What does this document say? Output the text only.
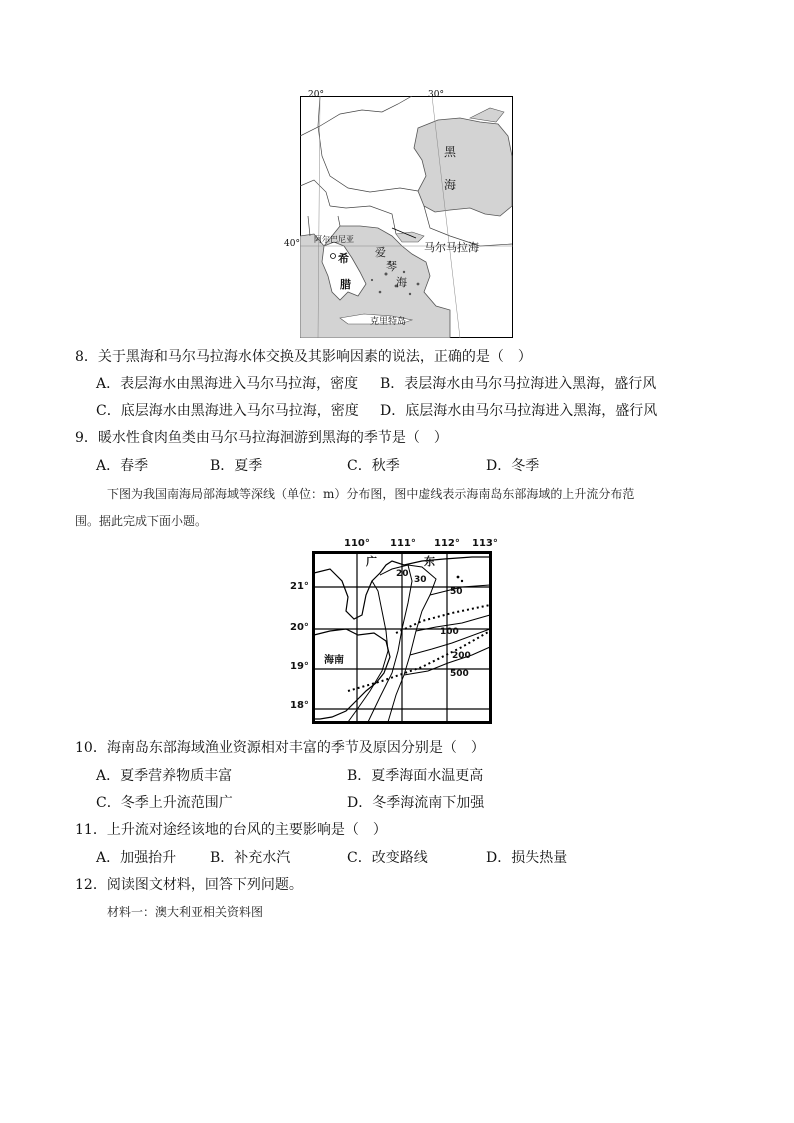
20°	30°
40°
黑
海
马尔马拉海
爱
琴
海
希
腊
阿尔巴尼亚
克里特岛
8．关于黑海和马尔马拉海水体交换及其影响因素的说法，正确的是（　）
A．表层海水由黑海进入马尔马拉海，密度 B．表层海水由马尔马拉海进入黑海，盛行风
C．底层海水由黑海进入马尔马拉海，密度 D．底层海水由马尔马拉海进入黑海，盛行风
9．暖水性食肉鱼类由马尔马拉海洄游到黑海的季节是（　）
A．春季	B．夏季	C．秋季	D．冬季
下图为我国南海局部海域等深线（单位：m）分布图，图中虚线表示海南岛东部海域的上升流分布范
围。据此完成下面小题。
110° 111° 112° 113°
21°
20°
19°
18°
广	东
海南
20
30
50
100
200
500
10．海南岛东部海域渔业资源相对丰富的季节及原因分别是（　）
A．夏季营养物质丰富	B．夏季海面水温更高
C．冬季上升流范围广	D．冬季海流南下加强
11．上升流对途经该地的台风的主要影响是（　）
A．加强抬升 B．补充水汽	C．改变路线	D．损失热量
12．阅读图文材料，回答下列问题。
材料一：澳大利亚相关资料图
